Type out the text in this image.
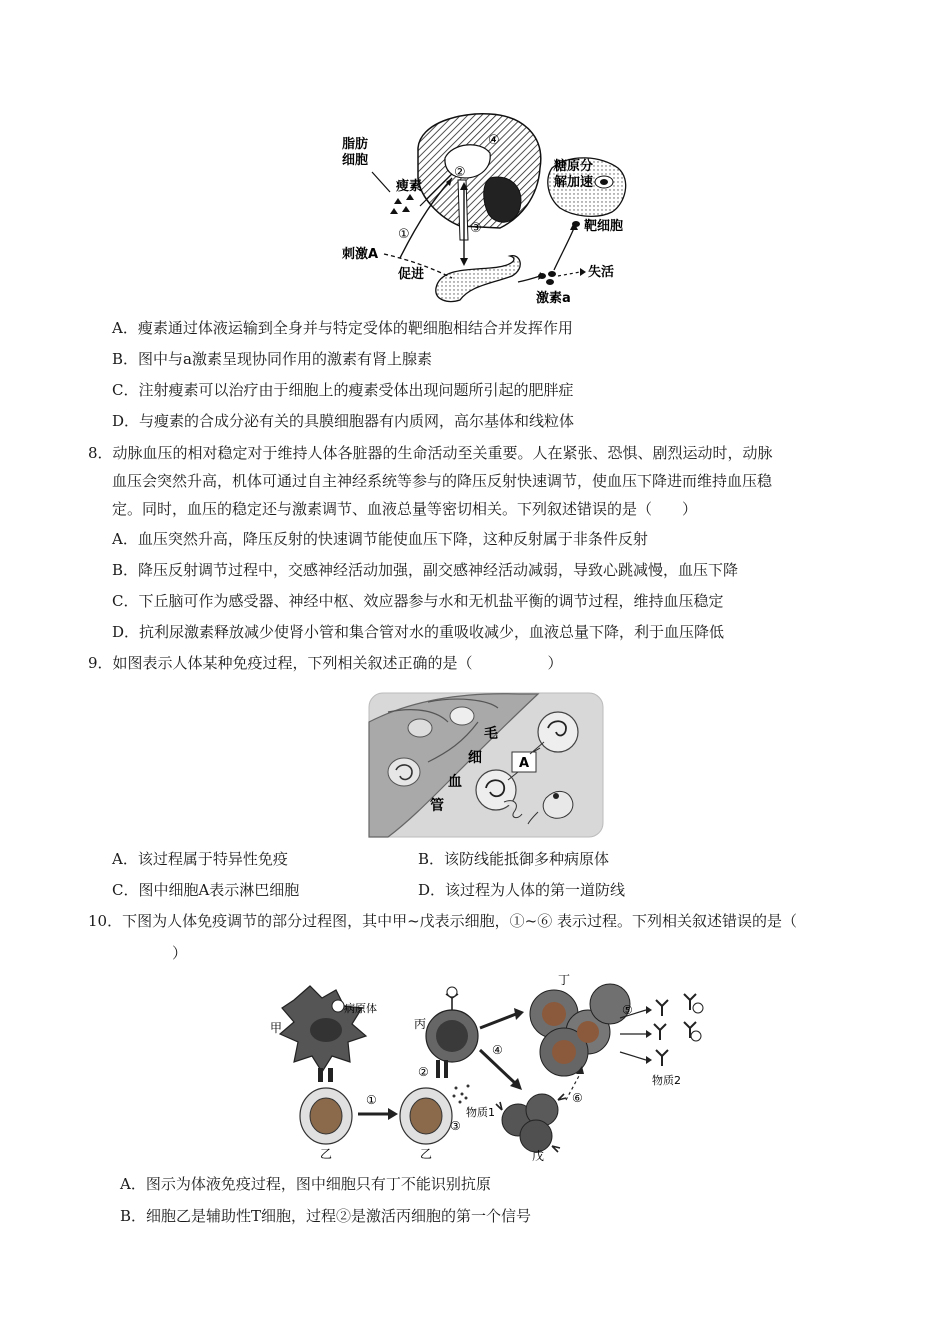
④
②
脂肪
细胞
瘦素
①	③
刺激A
促进	失活
激素a
糖原分
解加速
靶细胞
A．瘦素通过体液运输到全身并与特定受体的靶细胞相结合并发挥作用
B．图中与a激素呈现协同作用的激素有肾上腺素
C．注射瘦素可以治疗由于细胞上的瘦素受体出现问题所引起的肥胖症
D．与瘦素的合成分泌有关的具膜细胞器有内质网，高尔基体和线粒体
8．动脉血压的相对稳定对于维持人体各脏器的生命活动至关重要。人在紧张、恐惧、剧烈运动时，动脉
血压会突然升高，机体可通过自主神经系统等参与的降压反射快速调节，使血压下降进而维持血压稳
定。同时，血压的稳定还与激素调节、血液总量等密切相关。下列叙述错误的是（　　）
A．血压突然升高，降压反射的快速调节能使血压下降，这种反射属于非条件反射
B．降压反射调节过程中，交感神经活动加强，副交感神经活动减弱，导致心跳减慢，血压下降
C．下丘脑可作为感受器、神经中枢、效应器参与水和无机盐平衡的调节过程，维持血压稳定
D．抗利尿激素释放减少使肾小管和集合管对水的重吸收减少，血液总量下降，利于血压降低
9．如图表示人体某种免疫过程，下列相关叙述正确的是（　　　　　）
A
毛
细
血
管
A．该过程属于特异性免疫	B．该防线能抵御多种病原体
C．图中细胞A表示淋巴细胞	D．该过程为人体的第一道防线
10．下图为人体免疫调节的部分过程图，其中甲~戊表示细胞，①~⑥ 表示过程。下列相关叙述错误的是（
　　　　）
甲
病原体
乙
①
乙
丙
②
物质1
③
④
丁
戊
⑥
⑤
物质2
A．图示为体液免疫过程，图中细胞只有丁不能识别抗原
B．细胞乙是辅助性T细胞，过程②是激活丙细胞的第一个信号
